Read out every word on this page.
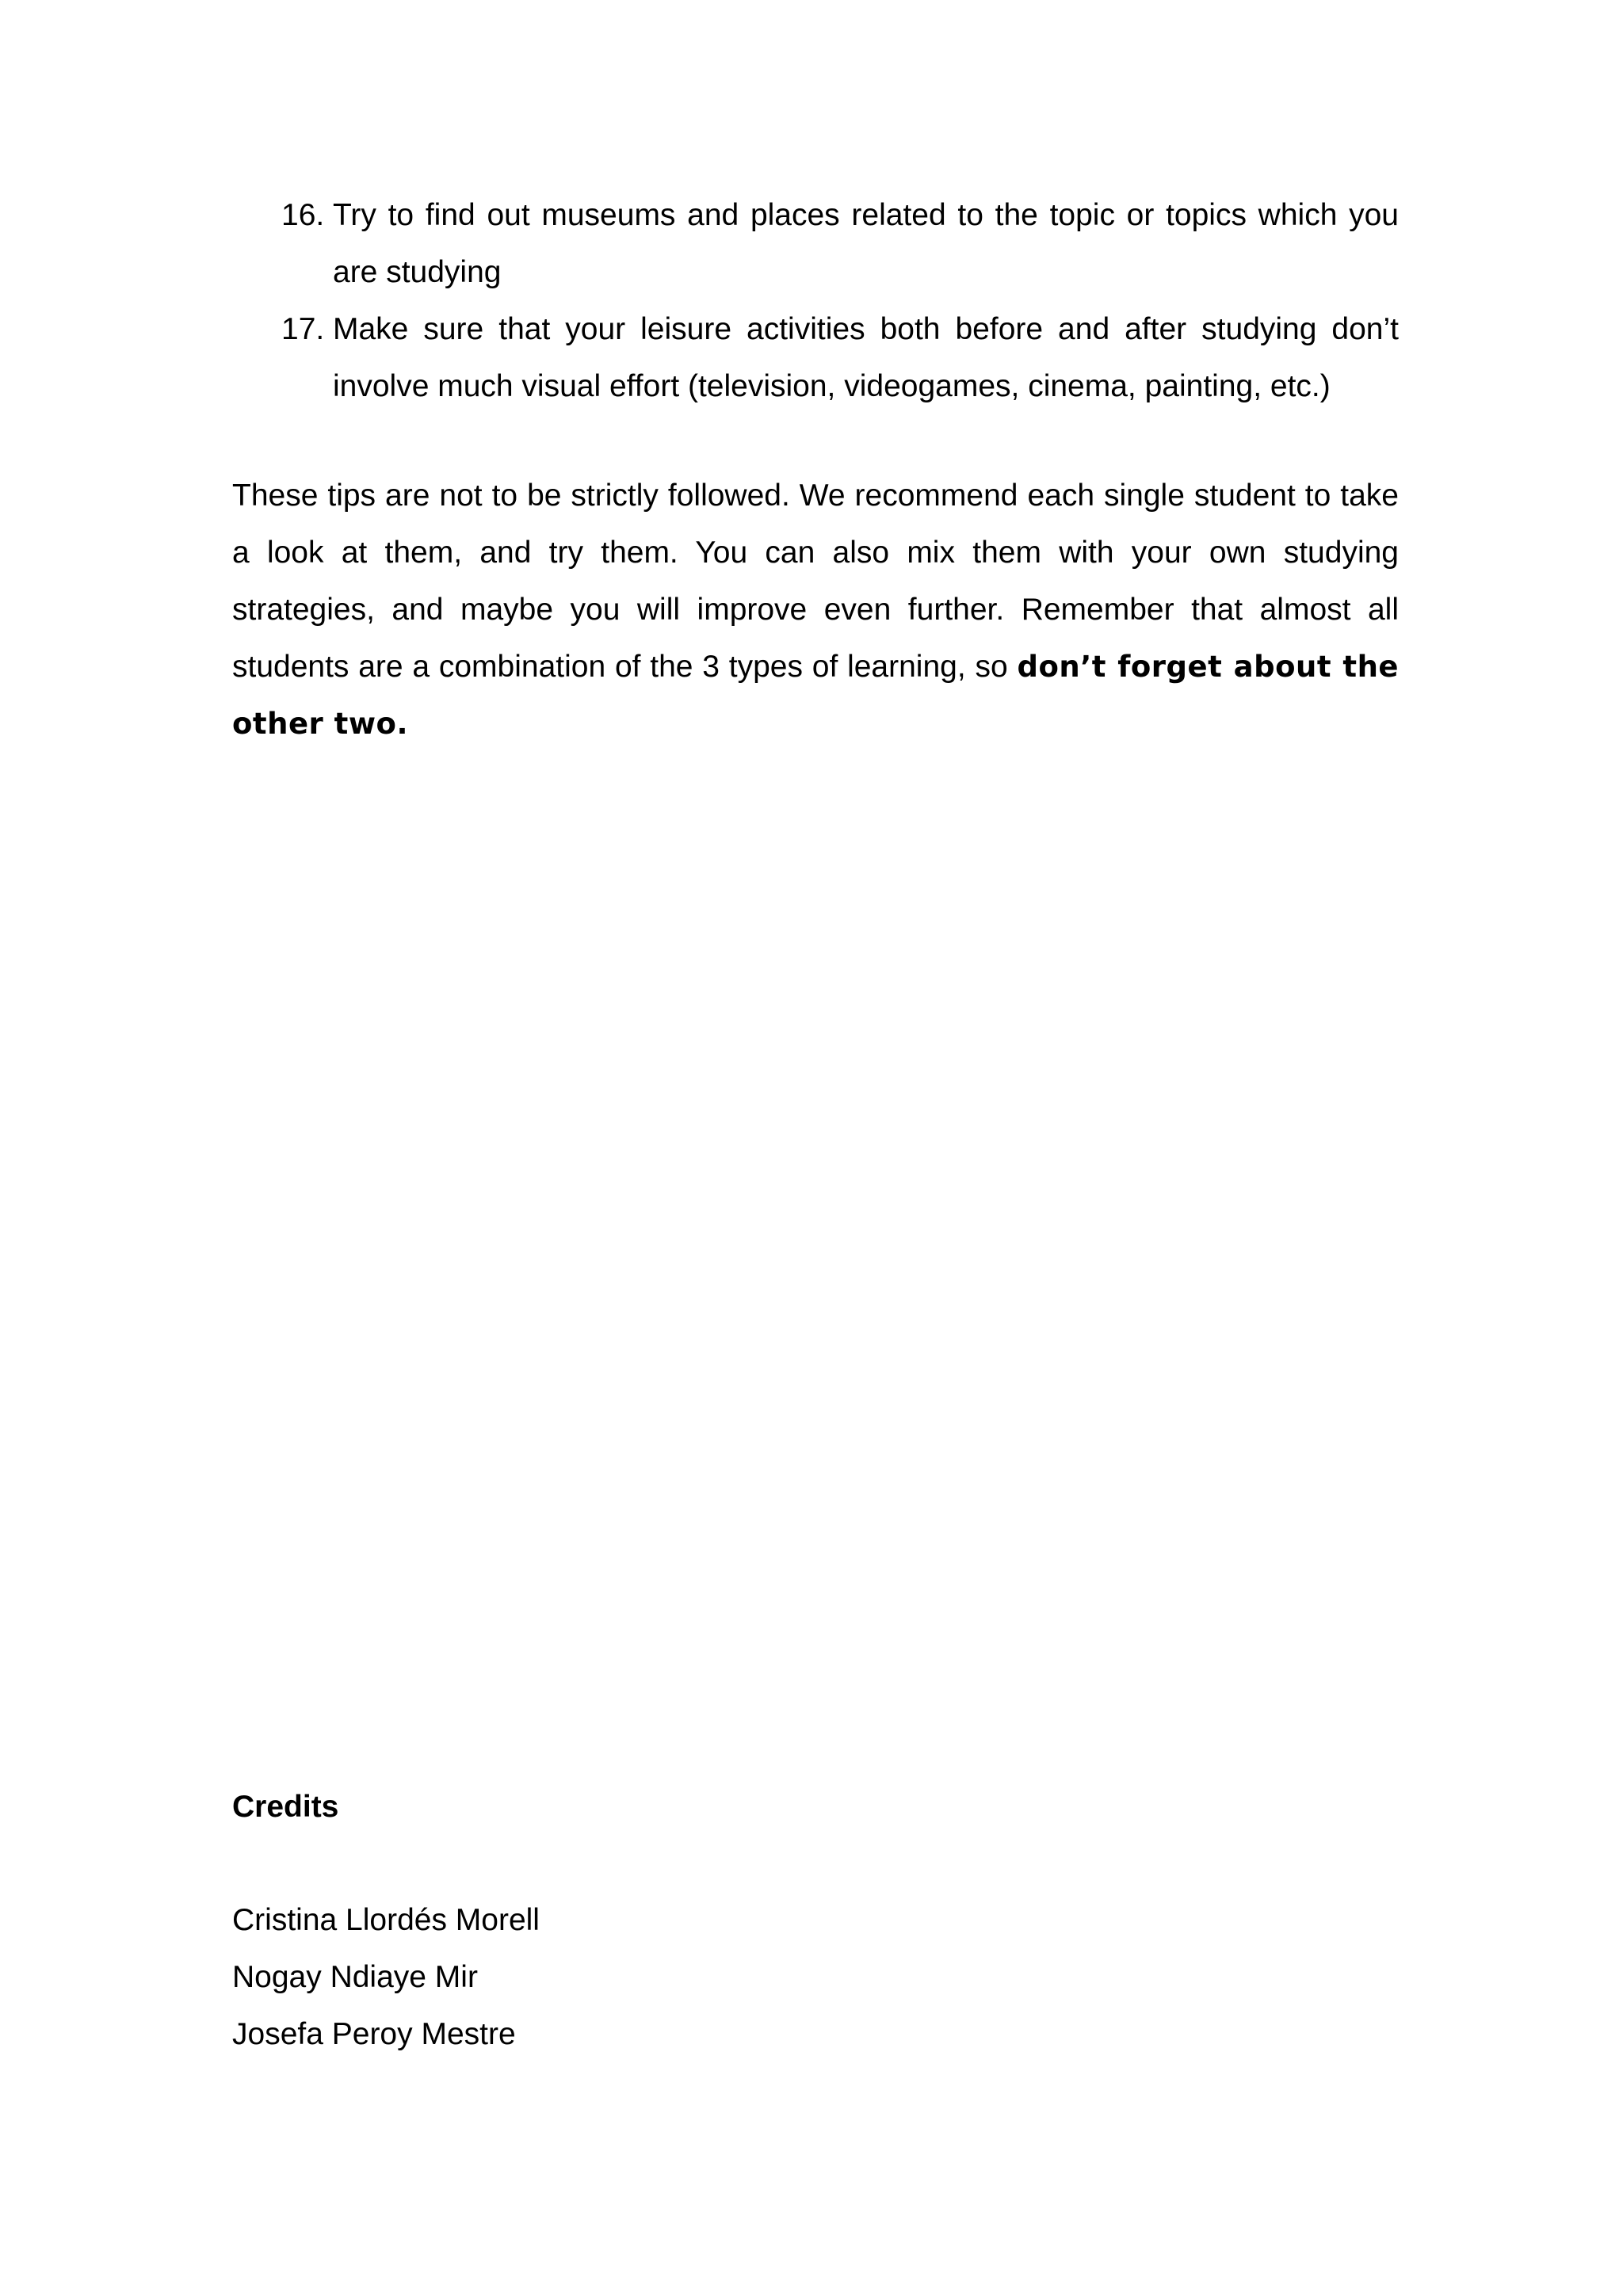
16. Try to find out museums and places related to the topic or topics which you are studying
17. Make sure that your leisure activities both before and after studying don’t involve much visual effort (television, videogames, cinema, painting, etc.)

These tips are not to be strictly followed. We recommend each single student to take a look at them, and try them. You can also mix them with your own studying strategies, and maybe you will improve even further. Remember that almost all students are a combination of the 3 types of learning, so don’t forget about the other two.

Credits
Cristina Llordés Morell
Nogay Ndiaye Mir
Josefa Peroy Mestre
